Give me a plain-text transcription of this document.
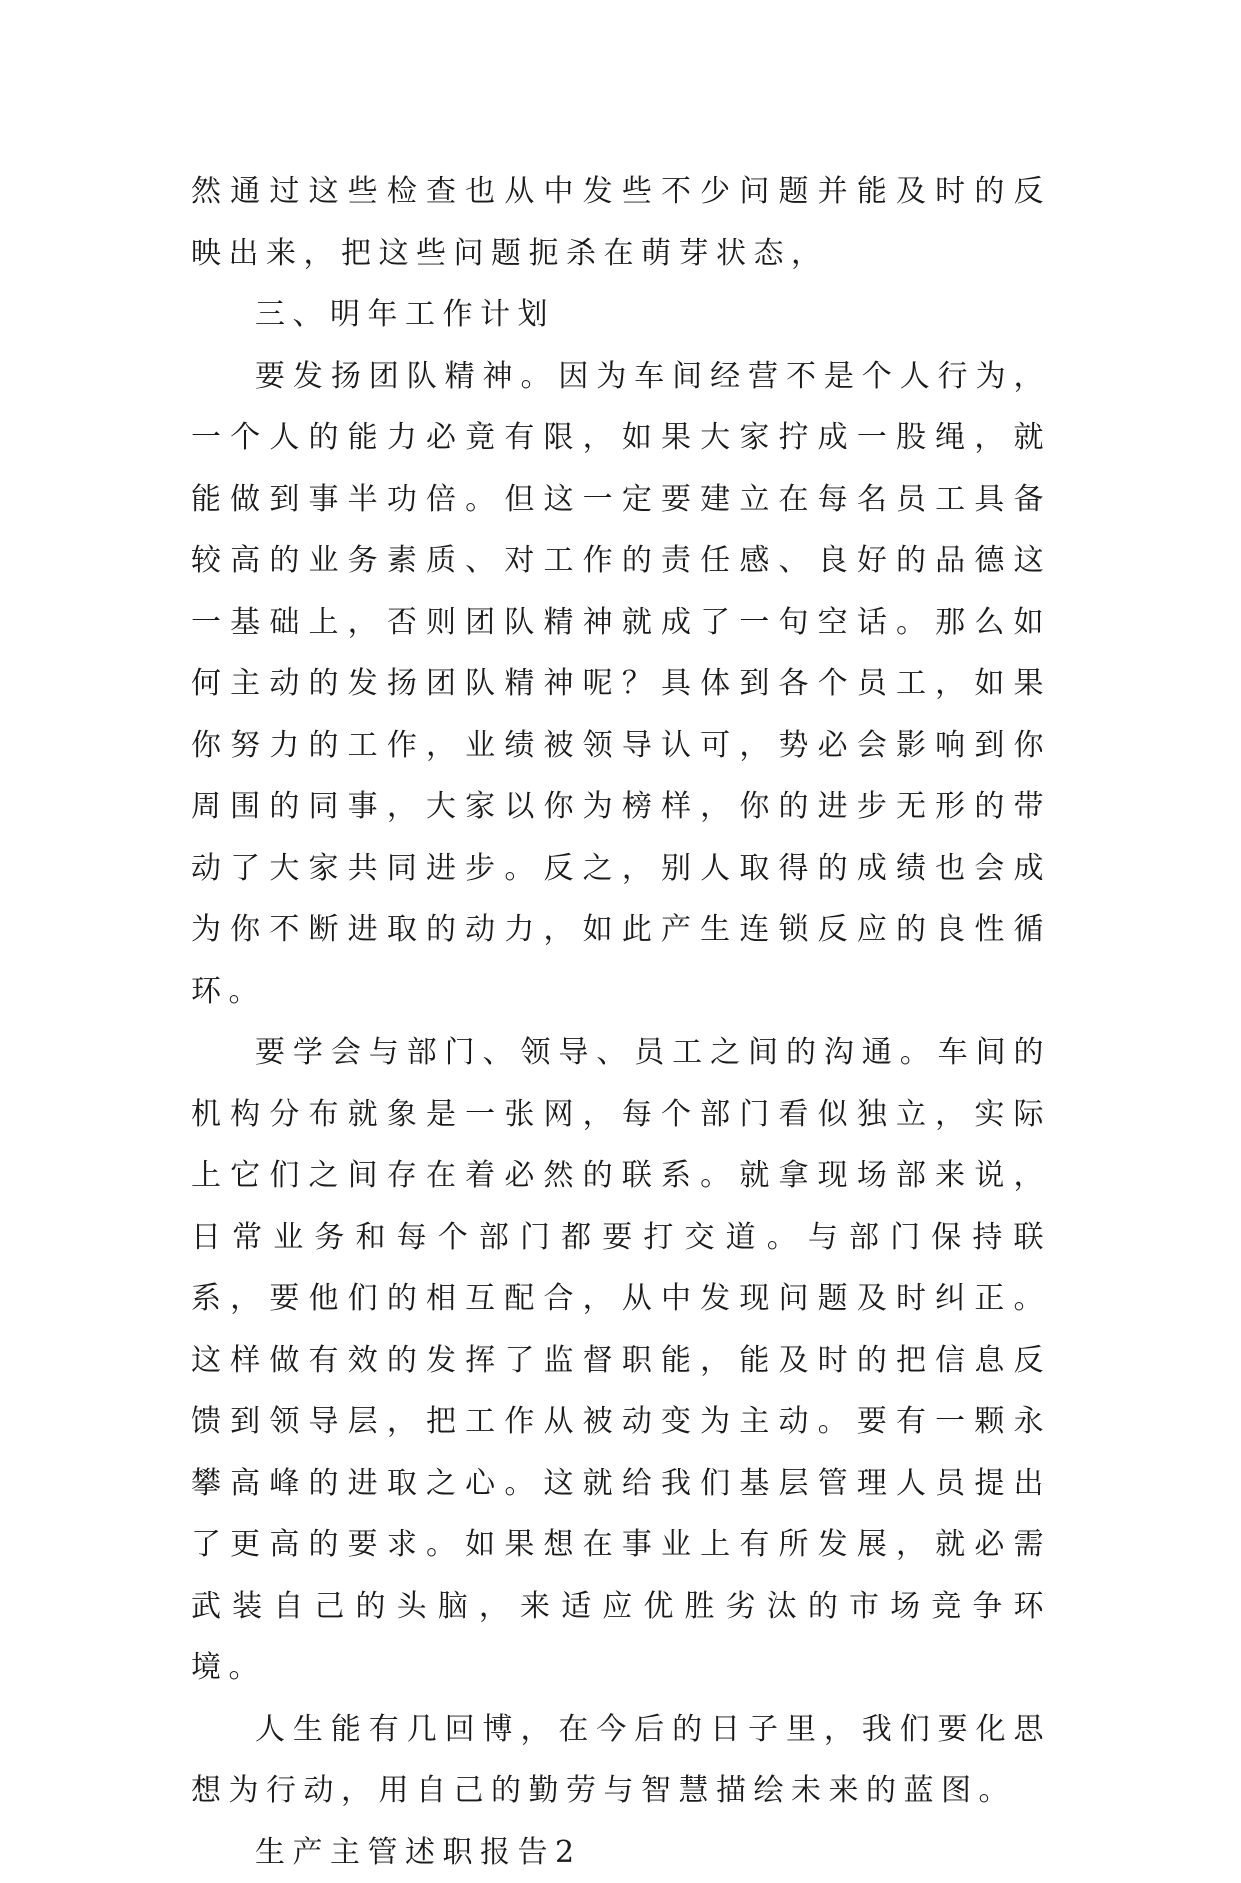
然通过这些检查也从中发些不少问题并能及时的反映出来，把这些问题扼杀在萌芽状态，

三、明年工作计划

要发扬团队精神。因为车间经营不是个人行为，一个人的能力必竟有限，如果大家拧成一股绳，就能做到事半功倍。但这一定要建立在每名员工具备较高的业务素质、对工作的责任感、良好的品德这一基础上，否则团队精神就成了一句空话。那么如何主动的发扬团队精神呢？具体到各个员工，如果你努力的工作，业绩被领导认可，势必会影响到你周围的同事，大家以你为榜样，你的进步无形的带动了大家共同进步。反之，别人取得的成绩也会成为你不断进取的动力，如此产生连锁反应的良性循环。

要学会与部门、领导、员工之间的沟通。车间的机构分布就象是一张网，每个部门看似独立，实际上它们之间存在着必然的联系。就拿现场部来说，日常业务和每个部门都要打交道。与部门保持联系，要他们的相互配合，从中发现问题及时纠正。这样做有效的发挥了监督职能，能及时的把信息反馈到领导层，把工作从被动变为主动。要有一颗永攀高峰的进取之心。这就给我们基层管理人员提出了更高的要求。如果想在事业上有所发展，就必需武装自己的头脑，来适应优胜劣汰的市场竞争环境。

人生能有几回博，在今后的日子里，我们要化思想为行动，用自己的勤劳与智慧描绘未来的蓝图。

生产主管述职报告2
